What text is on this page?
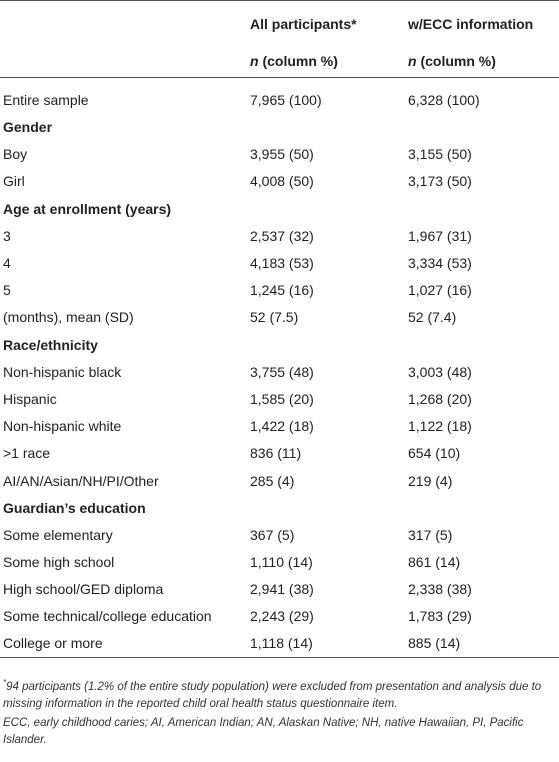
	All participants*	w/ECC information
	n (column %)	n (column %)
Entire sample	7,965 (100)	6,328 (100)
Gender		
Boy	3,955 (50)	3,155 (50)
Girl	4,008 (50)	3,173 (50)
Age at enrollment (years)		
3	2,537 (32)	1,967 (31)
4	4,183 (53)	3,334 (53)
5	1,245 (16)	1,027 (16)
(months), mean (SD)	52 (7.5)	52 (7.4)
Race/ethnicity		
Non-hispanic black	3,755 (48)	3,003 (48)
Hispanic	1,585 (20)	1,268 (20)
Non-hispanic white	1,422 (18)	1,122 (18)
>1 race	836 (11)	654 (10)
AI/AN/Asian/NH/PI/Other	285 (4)	219 (4)
Guardian’s education		
Some elementary	367 (5)	317 (5)
Some high school	1,110 (14)	861 (14)
High school/GED diploma	2,941 (38)	2,338 (38)
Some technical/college education	2,243 (29)	1,783 (29)
College or more	1,118 (14)	885 (14)

*94 participants (1.2% of the entire study population) were excluded from presentation and analysis due to missing information in the reported child oral health status questionnaire item.

ECC, early childhood caries; AI, American Indian; AN, Alaskan Native; NH, native Hawaiian, PI, Pacific Islander.
